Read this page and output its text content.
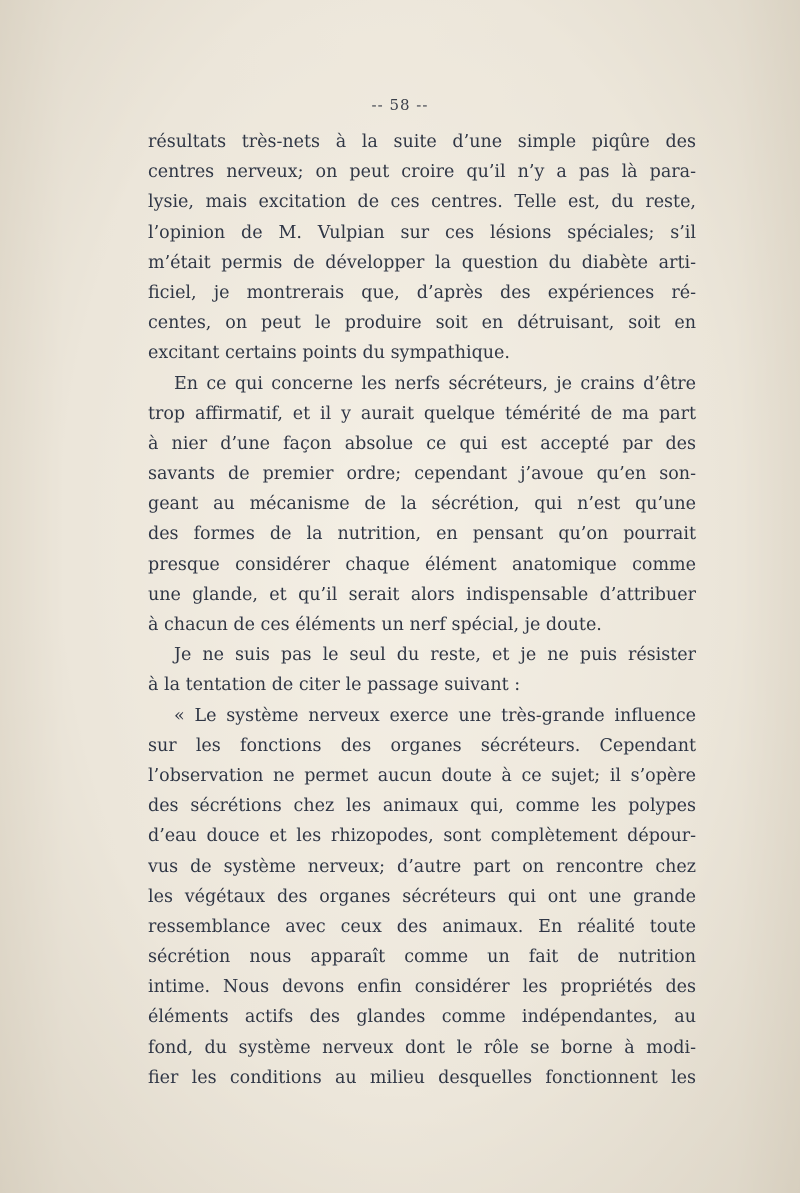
-- 58 --
résultats très-nets à la suite d’une simple piqûre des
centres nerveux; on peut croire qu’il n’y a pas là para-
lysie, mais excitation de ces centres. Telle est, du reste,
l’opinion de M. Vulpian sur ces lésions spéciales; s’il
m’était permis de développer la question du diabète arti-
ficiel, je montrerais que, d’après des expériences ré-
centes, on peut le produire soit en détruisant, soit en
excitant certains points du sympathique.
En ce qui concerne les nerfs sécréteurs, je crains d’être
trop affirmatif, et il y aurait quelque témérité de ma part
à nier d’une façon absolue ce qui est accepté par des
savants de premier ordre; cependant j’avoue qu’en son-
geant au mécanisme de la sécrétion, qui n’est qu’une
des formes de la nutrition, en pensant qu’on pourrait
presque considérer chaque élément anatomique comme
une glande, et qu’il serait alors indispensable d’attribuer
à chacun de ces éléments un nerf spécial, je doute.
Je ne suis pas le seul du reste, et je ne puis résister
à la tentation de citer le passage suivant :
« Le système nerveux exerce une très-grande influence
sur les fonctions des organes sécréteurs. Cependant
l’observation ne permet aucun doute à ce sujet; il s’opère
des sécrétions chez les animaux qui, comme les polypes
d’eau douce et les rhizopodes, sont complètement dépour-
vus de système nerveux; d’autre part on rencontre chez
les végétaux des organes sécréteurs qui ont une grande
ressemblance avec ceux des animaux. En réalité toute
sécrétion nous apparaît comme un fait de nutrition
intime. Nous devons enfin considérer les propriétés des
éléments actifs des glandes comme indépendantes, au
fond, du système nerveux dont le rôle se borne à modi-
fier les conditions au milieu desquelles fonctionnent les
